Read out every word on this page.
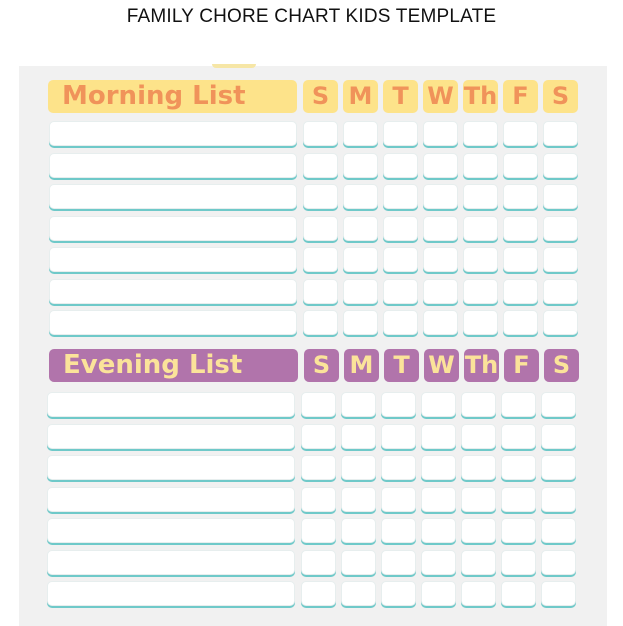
FAMILY CHORE CHART KIDS TEMPLATE
Morning List	S M T W Th F S
Evening List	S M T W Th F S
